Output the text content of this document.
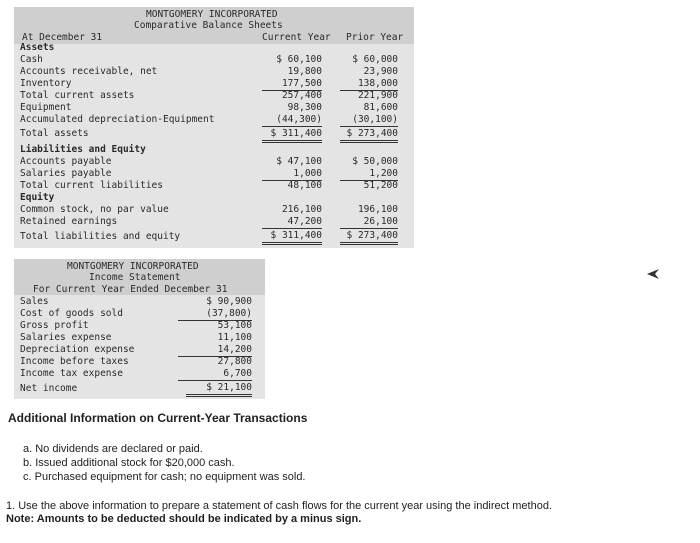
MONTGOMERY INCORPORATED
Comparative Balance Sheets
At December 31	Current Year Prior Year
Assets
Cash	$ 60,100	$ 60,000
Accounts receivable, net	19,800	23,900
Inventory	177,500	138,000
Total current assets	257,400	221,900
Equipment	98,300	81,600
Accumulated depreciation-Equipment	(44,300)	(30,100)
Total assets	$ 311,400	$ 273,400
Liabilities and Equity
Accounts payable	$ 47,100	$ 50,000
Salaries payable	1,000	1,200
Total current liabilities	48,100	51,200
Equity
Common stock, no par value	216,100	196,100
Retained earnings	47,200	26,100
Total liabilities and equity	$ 311,400	$ 273,400
MONTGOMERY INCORPORATED
Income Statement
For Current Year Ended December 31
Sales	$ 90,900
Cost of goods sold	(37,800)
Gross profit	53,100
Salaries expense	11,100
Depreciation expense	14,200
Income before taxes	27,800
Income tax expense	6,700
Net income	$ 21,100
Additional Information on Current-Year Transactions
a. No dividends are declared or paid.
b. Issued additional stock for $20,000 cash.
c. Purchased equipment for cash; no equipment was sold.
1. Use the above information to prepare a statement of cash flows for the current year using the indirect method.
Note: Amounts to be deducted should be indicated by a minus sign.
